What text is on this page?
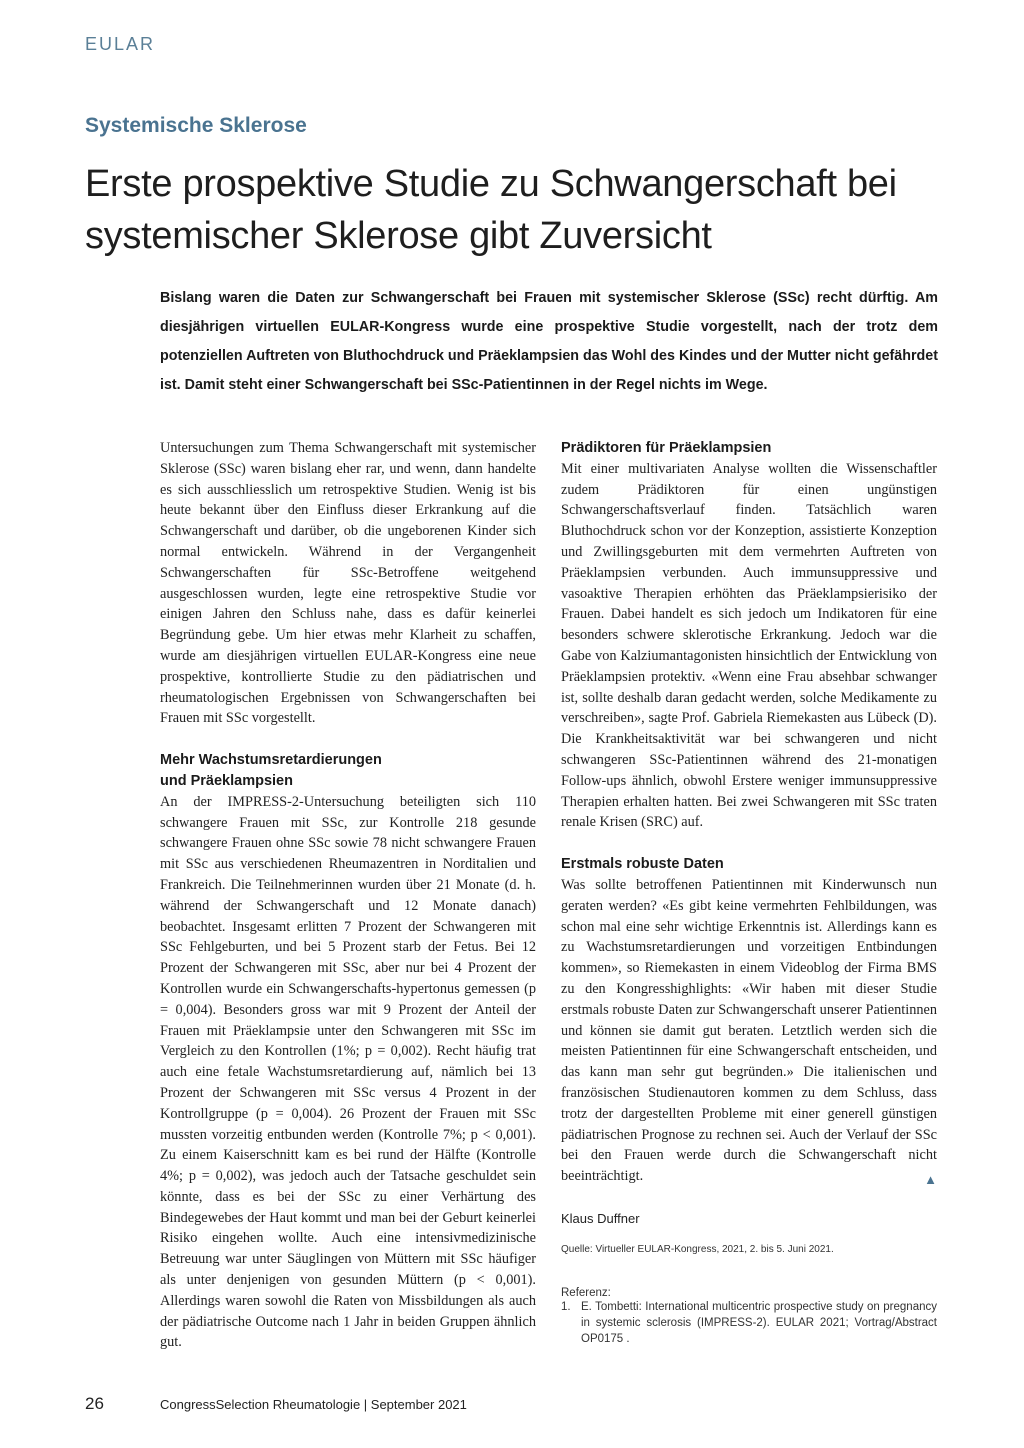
EULAR
Systemische Sklerose
Erste prospektive Studie zu Schwangerschaft bei systemischer Sklerose gibt Zuversicht

Bislang waren die Daten zur Schwangerschaft bei Frauen mit systemischer Sklerose (SSc) recht dürftig. Am diesjährigen virtuellen EULAR-Kongress wurde eine prospektive Studie vorgestellt, nach der trotz dem potenziellen Auftreten von Bluthochdruck und Präeklampsien das Wohl des Kindes und der Mutter nicht gefährdet ist. Damit steht einer Schwangerschaft bei SSc-Patientinnen in der Regel nichts im Wege.

Untersuchungen zum Thema Schwangerschaft mit systemischer Sklerose (SSc) waren bislang eher rar, und wenn, dann handelte es sich ausschliesslich um retrospektive Studien. Wenig ist bis heute bekannt über den Einfluss dieser Erkrankung auf die Schwangerschaft und darüber, ob die ungeborenen Kinder sich normal entwickeln. Während in der Vergangenheit Schwangerschaften für SSc-Betroffene weitgehend ausgeschlossen wurden, legte eine retrospektive Studie vor einigen Jahren den Schluss nahe, dass es dafür keinerlei Begründung gebe. Um hier etwas mehr Klarheit zu schaffen, wurde am diesjährigen virtuellen EULAR-Kongress eine neue prospektive, kontrollierte Studie zu den pädiatrischen und rheumatologischen Ergebnissen von Schwangerschaften bei Frauen mit SSc vorgestellt.

Mehr Wachstumsretardierungen

und Präeklampsien

An der IMPRESS-2-Untersuchung beteiligten sich 110 schwangere Frauen mit SSc, zur Kontrolle 218 gesunde schwangere Frauen ohne SSc sowie 78 nicht schwangere Frauen mit SSc aus verschiedenen Rheumazentren in Norditalien und Frankreich. Die Teilnehmerinnen wurden über 21 Monate (d. h. während der Schwangerschaft und 12 Monate danach) beobachtet. Insgesamt erlitten 7 Prozent der Schwangeren mit SSc Fehlgeburten, und bei 5 Prozent starb der Fetus. Bei 12 Prozent der Schwangeren mit SSc, aber nur bei 4 Prozent der Kontrollen wurde ein Schwangerschafts-hypertonus gemessen (p = 0,004). Besonders gross war mit 9 Prozent der Anteil der Frauen mit Präeklampsie unter den Schwangeren mit SSc im Vergleich zu den Kontrollen (1%; p = 0,002). Recht häufig trat auch eine fetale Wachstumsretardierung auf, nämlich bei 13 Prozent der Schwangeren mit SSc versus 4 Prozent in der Kontrollgruppe (p = 0,004). 26 Prozent der Frauen mit SSc mussten vorzeitig entbunden werden (Kontrolle 7%; p < 0,001). Zu einem Kaiserschnitt kam es bei rund der Hälfte (Kontrolle 4%; p = 0,002), was jedoch auch der Tatsache geschuldet sein könnte, dass es bei der SSc zu einer Verhärtung des Bindegewebes der Haut kommt und man bei der Geburt keinerlei Risiko eingehen wollte. Auch eine intensivmedizinische Betreuung war unter Säuglingen von Müttern mit SSc häufiger als unter denjenigen von gesunden Müttern (p < 0,001). Allerdings waren sowohl die Raten von Missbildungen als auch der pädiatrische Outcome nach 1 Jahr in beiden Gruppen ähnlich gut.

Prädiktoren für Präeklampsien

Mit einer multivariaten Analyse wollten die Wissenschaftler zudem Prädiktoren für einen ungünstigen Schwangerschaftsverlauf finden. Tatsächlich waren Bluthochdruck schon vor der Konzeption, assistierte Konzeption und Zwillingsgeburten mit dem vermehrten Auftreten von Präeklampsien verbunden. Auch immunsuppressive und vasoaktive Therapien erhöhten das Präeklampsierisiko der Frauen. Dabei handelt es sich jedoch um Indikatoren für eine besonders schwere sklerotische Erkrankung. Jedoch war die Gabe von Kalziumantagonisten hinsichtlich der Entwicklung von Präeklampsien protektiv. «Wenn eine Frau absehbar schwanger ist, sollte deshalb daran gedacht werden, solche Medikamente zu verschreiben», sagte Prof. Gabriela Riemekasten aus Lübeck (D). Die Krankheitsaktivität war bei schwangeren und nicht schwangeren SSc-Patientinnen während des 21-monatigen Follow-ups ähnlich, obwohl Erstere weniger immunsuppressive Therapien erhalten hatten. Bei zwei Schwangeren mit SSc traten renale Krisen (SRC) auf.

Erstmals robuste Daten

Was sollte betroffenen Patientinnen mit Kinderwunsch nun geraten werden? «Es gibt keine vermehrten Fehlbildungen, was schon mal eine sehr wichtige Erkenntnis ist. Allerdings kann es zu Wachstumsretardierungen und vorzeitigen Entbindungen kommen», so Riemekasten in einem Videoblog der Firma BMS zu den Kongresshighlights: «Wir haben mit dieser Studie erstmals robuste Daten zur Schwangerschaft unserer Patientinnen und können sie damit gut beraten. Letztlich werden sich die meisten Patientinnen für eine Schwangerschaft entscheiden, und das kann man sehr gut begründen.» Die italienischen und französischen Studienautoren kommen zu dem Schluss, dass trotz der dargestellten Probleme mit einer generell günstigen pädiatrischen Prognose zu rechnen sei. Auch der Verlauf der SSc bei den Frauen werde durch die Schwangerschaft nicht beeinträchtigt.	▲

Klaus Duffner

Quelle: Virtueller EULAR-Kongress, 2021, 2. bis 5. Juni 2021.

Referenz:

1. E. Tombetti: International multicentric prospective study on pregnancy in systemic sclerosis (IMPRESS-2). EULAR 2021; Vortrag/Abstract OP0175 .
26	CongressSelection Rheumatologie | September 2021
